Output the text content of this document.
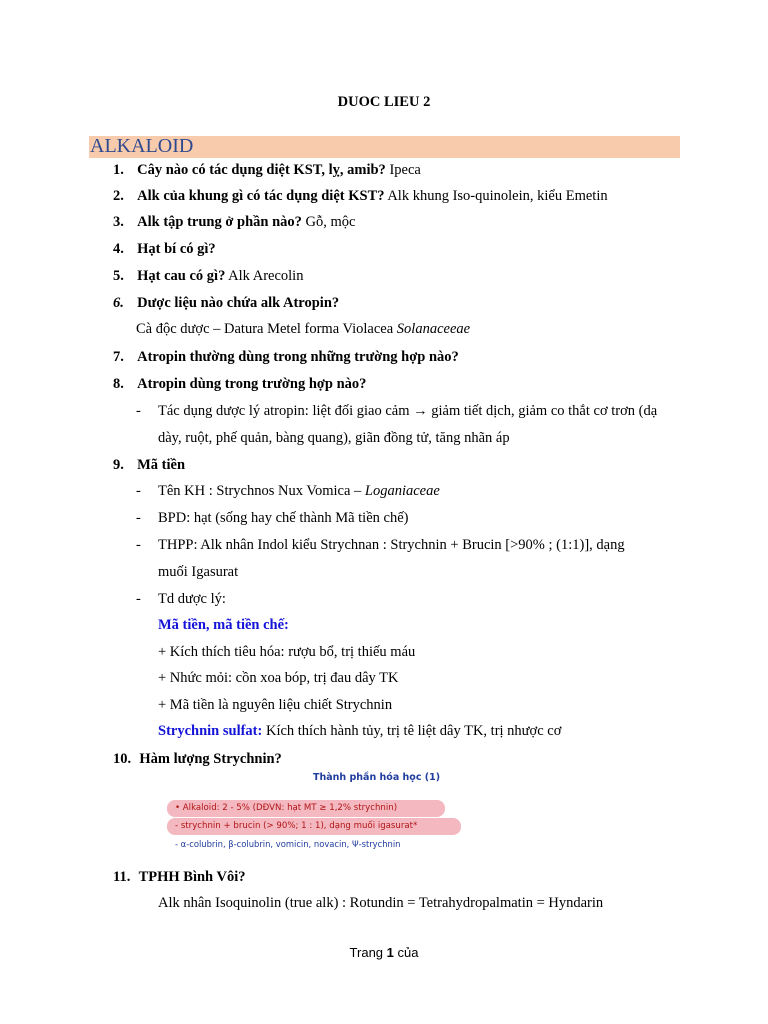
DUOC LIEU 2
ALKALOID
1. Cây nào có tác dụng diệt KST, lỵ, amib? Ipeca
2. Alk của khung gì có tác dụng diệt KST? Alk khung Iso-quinolein, kiểu Emetin
3. Alk tập trung ở phần nào? Gỗ, mộc
4. Hạt bí có gì?
5. Hạt cau có gì? Alk Arecolin
6. Dược liệu nào chứa alk Atropin?
Cà độc dược – Datura Metel forma Violacea Solanaceeae
7. Atropin thường dùng trong những trường hợp nào?
8. Atropin dùng trong trường hợp nào?
- Tác dụng dược lý atropin: liệt đối giao cảm → giảm tiết dịch, giảm co thắt cơ trơn (dạ
dày, ruột, phế quản, bàng quang), giãn đồng tử, tăng nhãn áp
9. Mã tiền
- Tên KH : Strychnos Nux Vomica – Loganiaceae
- BPD: hạt (sống hay chế thành Mã tiền chế)
- THPP: Alk nhân Indol kiểu Strychnan : Strychnin + Brucin [>90% ; (1:1)], dạng
muối Igasurat
- Td dược lý:
Mã tiền, mã tiền chế:
+ Kích thích tiêu hóa: rượu bổ, trị thiếu máu
+ Nhức mỏi: cồn xoa bóp, trị đau dây TK
+ Mã tiền là nguyên liệu chiết Strychnin
Strychnin sulfat: Kích thích hành tủy, trị tê liệt dây TK, trị nhược cơ
10. Hàm lượng Strychnin?
Thành phần hóa học (1)
• Alkaloid: 2 - 5% (DĐVN: hạt MT ≥ 1,2% strychnin)
- strychnin + brucin (> 90%; 1 : 1), dạng muối igasurat*
- α-colubrin, β-colubrin, vomicin, novacin, Ψ-strychnin
11. TPHH Bình Vôi?
Alk nhân Isoquinolin (true alk) : Rotundin = Tetrahydropalmatin = Hyndarin
Trang 1 của
